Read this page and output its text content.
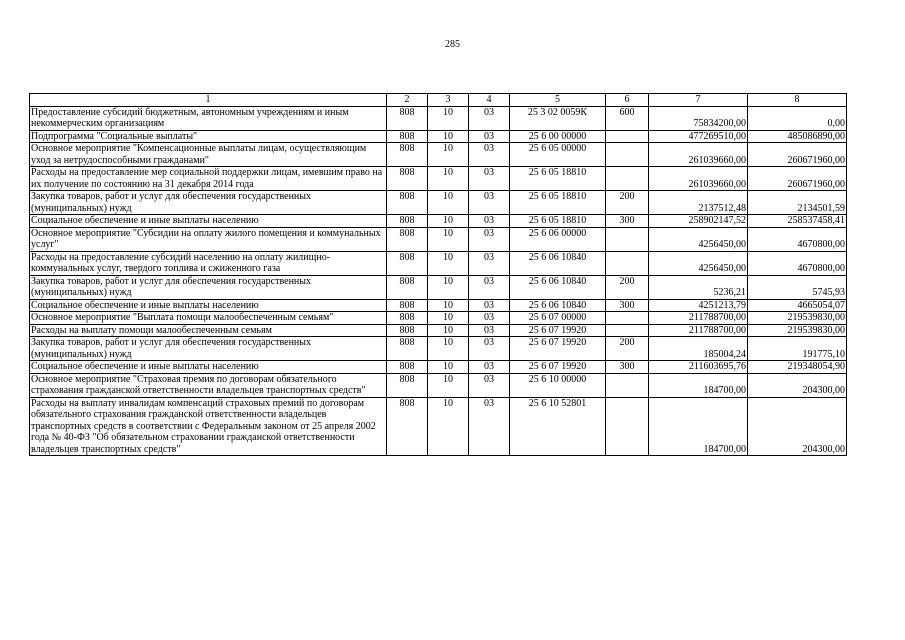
285
1	2	3	4	5	6	7	8
Предоставление субсидий бюджетным, автономным учреждениям и иным некоммерческим организациям	808	10	03	25 3 02 0059К	600	75834200,00	0,00
Подпрограмма "Социальные выплаты"	808	10	03	25 6 00 00000		477269510,00	485086890,00
Основное мероприятие "Компенсационные выплаты лицам, осуществляющим уход за нетрудоспособными гражданами"	808	10	03	25 6 05 00000		261039660,00	260671960,00
Расходы на предоставление мер социальной поддержки лицам, имевшим право на их получение по состоянию на 31 декабря 2014 года	808	10	03	25 6 05 18810		261039660,00	260671960,00
Закупка товаров, работ и услуг для обеспечения государственных (муниципальных) нужд	808	10	03	25 6 05 18810	200	2137512,48	2134501,59
Социальное обеспечение и иные выплаты населению	808	10	03	25 6 05 18810	300	258902147,52	258537458,41
Основное мероприятие "Субсидии на оплату жилого помещения и коммунальных услуг"	808	10	03	25 6 06 00000		4256450,00	4670800,00
Расходы на предоставление субсидий населению на оплату жилищно-коммунальных услуг, твердого топлива и сжиженного газа	808	10	03	25 6 06 10840		4256450,00	4670800,00
Закупка товаров, работ и услуг для обеспечения государственных (муниципальных) нужд	808	10	03	25 6 06 10840	200	5236,21	5745,93
Социальное обеспечение и иные выплаты населению	808	10	03	25 6 06 10840	300	4251213,79	4665054,07
Основное мероприятие "Выплата помощи малообеспеченным семьям"	808	10	03	25 6 07 00000		211788700,00	219539830,00
Расходы на выплату помощи малообеспеченным семьям	808	10	03	25 6 07 19920		211788700,00	219539830,00
Закупка товаров, работ и услуг для обеспечения государственных (муниципальных) нужд	808	10	03	25 6 07 19920	200	185004,24	191775,10
Социальное обеспечение и иные выплаты населению	808	10	03	25 6 07 19920	300	211603695,76	219348054,90
Основное мероприятие "Страховая премия по договорам обязательного страхования гражданской ответственности владельцев транспортных средств"	808	10	03	25 6 10 00000		184700,00	204300,00
Расходы на выплату инвалидам компенсаций страховых премий по договорам обязательного страхования гражданской ответственности владельцев транспортных средств в соответствии с Федеральным законом от 25 апреля 2002 года № 40-ФЗ "Об обязательном страховании гражданской ответственности владельцев транспортных средств"	808	10	03	25 6 10 52801		184700,00	204300,00
